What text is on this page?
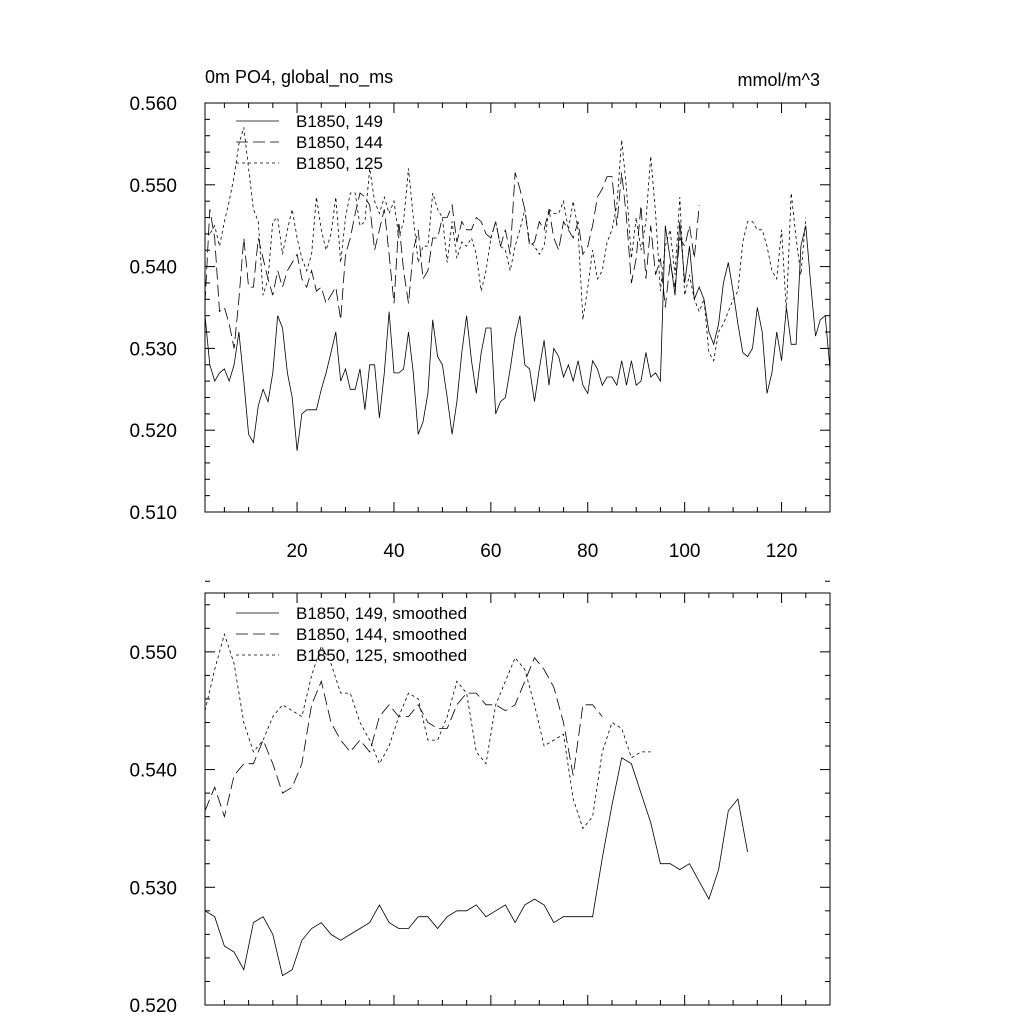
0m PO4, global_no_ms	mmol/m^3
0.510
0.520
0.530
0.540
0.550
0.560
20	40	60	80	100	120
B1850, 149
B1850, 144
B1850, 125
0.520
0.530
0.540
0.550
B1850, 149, smoothed
B1850, 144, smoothed
B1850, 125, smoothed
